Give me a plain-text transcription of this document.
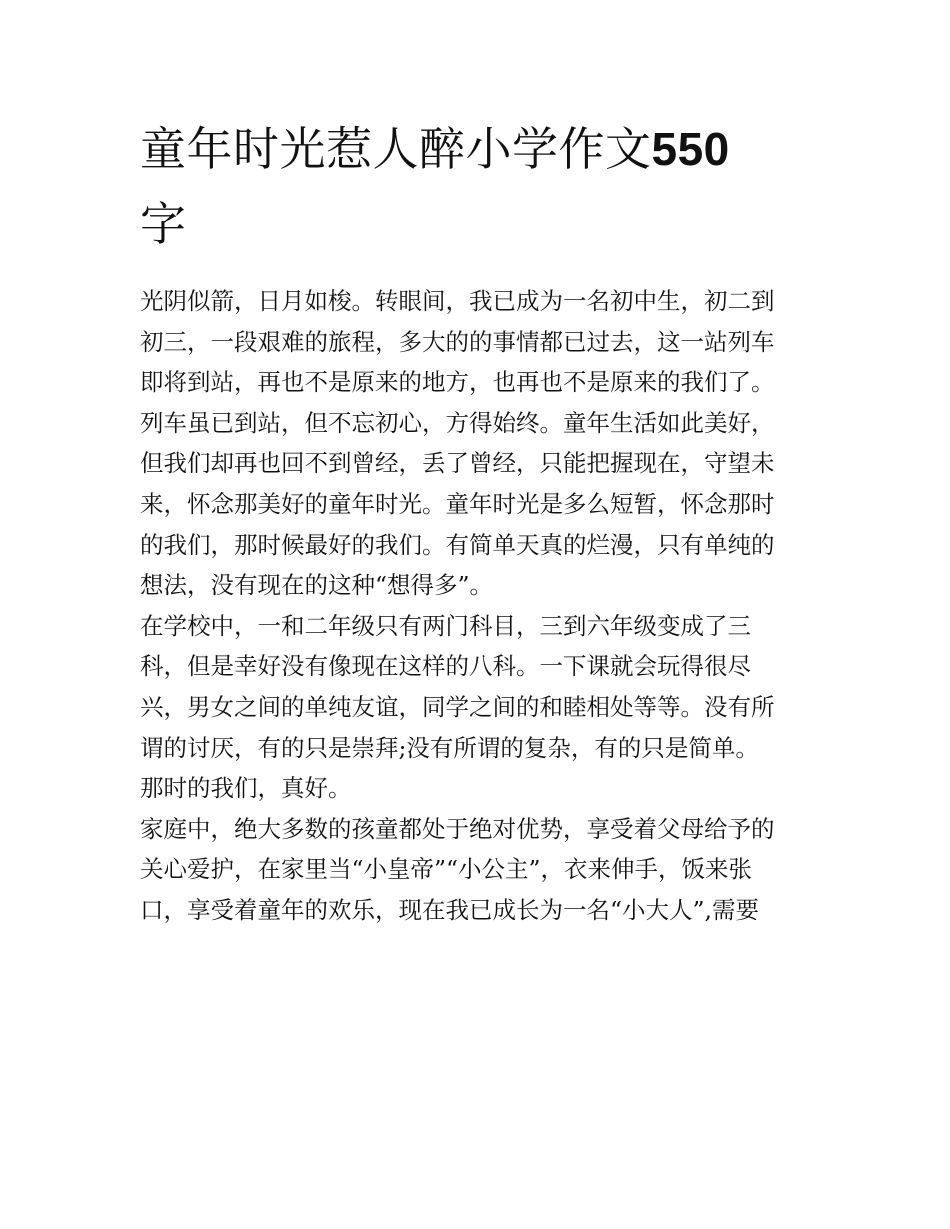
童年时光惹人醉小学作文550
字
光阴似箭，日月如梭。转眼间，我已成为一名初中生，初二到
初三，一段艰难的旅程，多大的的事情都已过去，这一站列车
即将到站，再也不是原来的地方，也再也不是原来的我们了。
列车虽已到站，但不忘初心，方得始终。童年生活如此美好，
但我们却再也回不到曾经，丢了曾经，只能把握现在，守望未
来，怀念那美好的童年时光。童年时光是多么短暂，怀念那时
的我们，那时候最好的我们。有简单天真的烂漫，只有单纯的
想法，没有现在的这种“想得多”。
在学校中，一和二年级只有两门科目，三到六年级变成了三
科，但是幸好没有像现在这样的八科。一下课就会玩得很尽
兴，男女之间的单纯友谊，同学之间的和睦相处等等。没有所
谓的讨厌，有的只是崇拜;没有所谓的复杂，有的只是简单。
那时的我们，真好。
家庭中，绝大多数的孩童都处于绝对优势，享受着父母给予的
关心爱护，在家里当“小皇帝”“小公主”，衣来伸手，饭来张
口，享受着童年的欢乐，现在我已成长为一名“小大人”,需要
